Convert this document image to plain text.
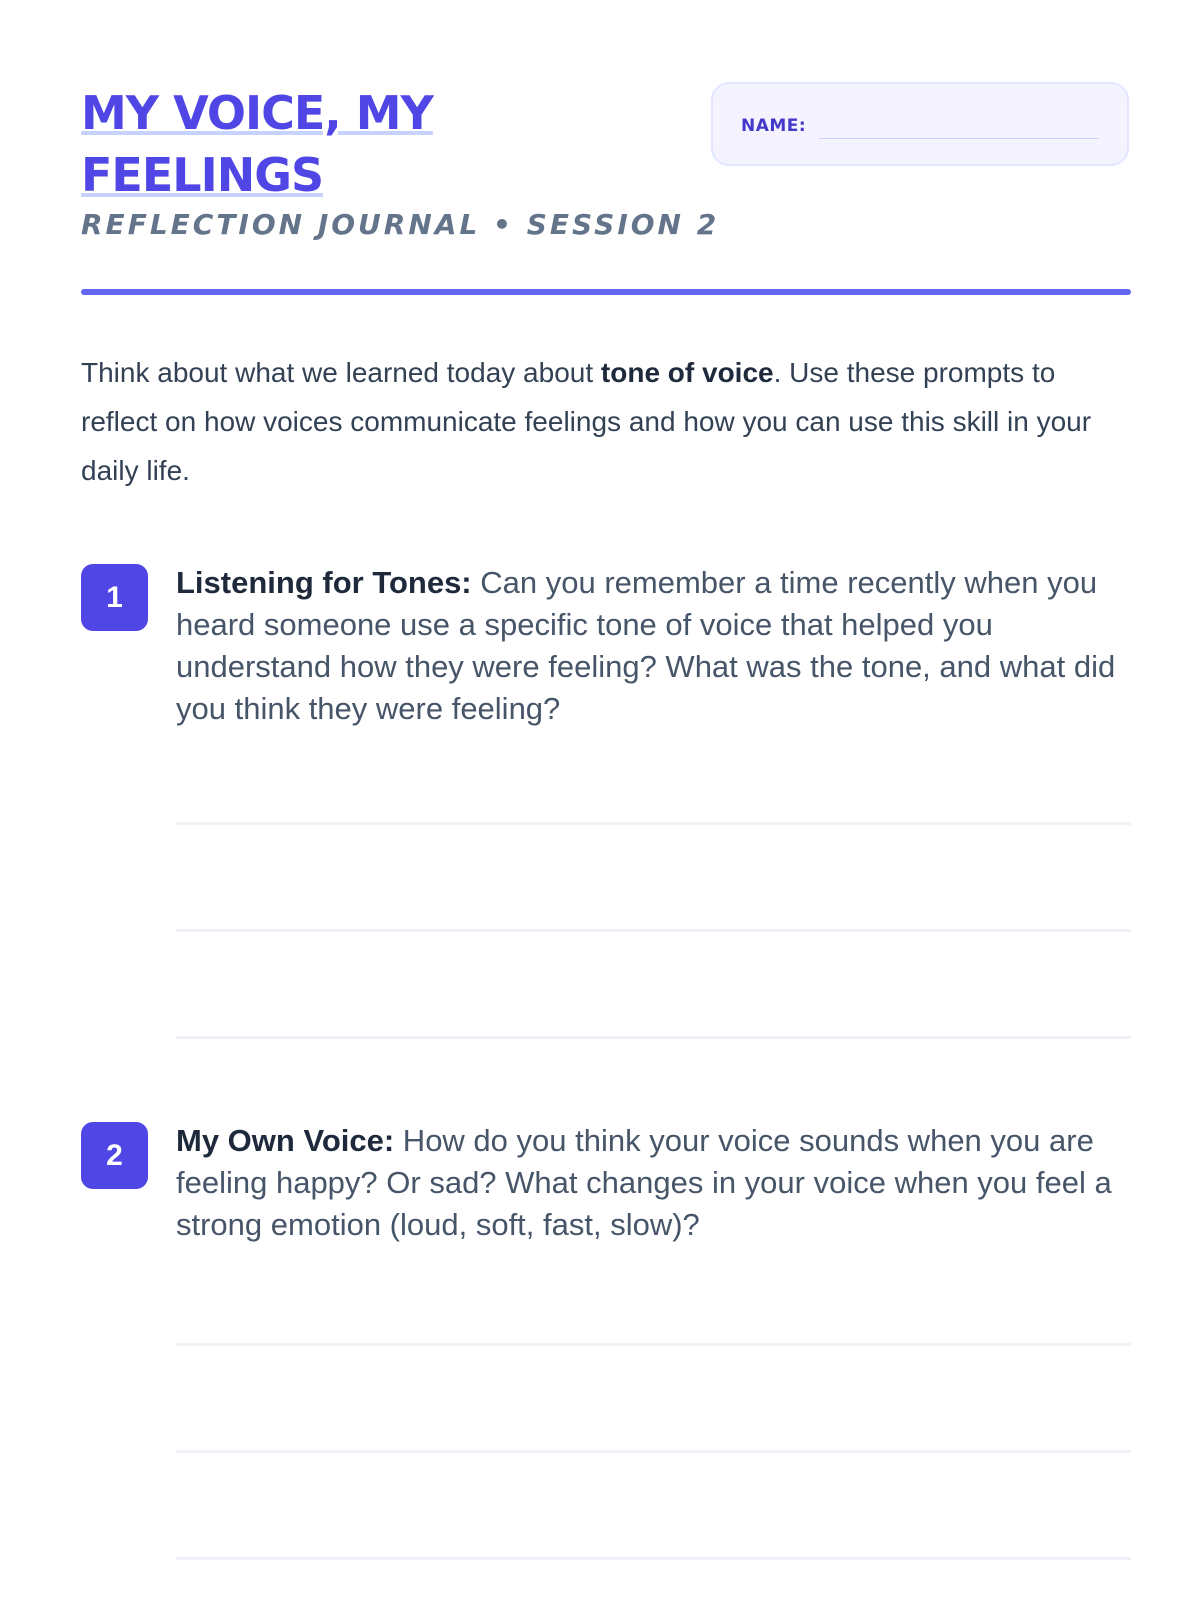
MY VOICE, MY
FEELINGS
REFLECTION JOURNAL • SESSION 2
NAME:

Think about what we learned today about tone of voice. Use these prompts to reflect on how voices communicate feelings and how you can use this skill in your daily life.

1	Listening for Tones: Can you remember a time recently when you heard someone use a specific tone of voice that helped you understand how they were feeling? What was the tone, and what did you think they were feeling?
2	My Own Voice: How do you think your voice sounds when you are feeling happy? Or sad? What changes in your voice when you feel a strong emotion (loud, soft, fast, slow)?
